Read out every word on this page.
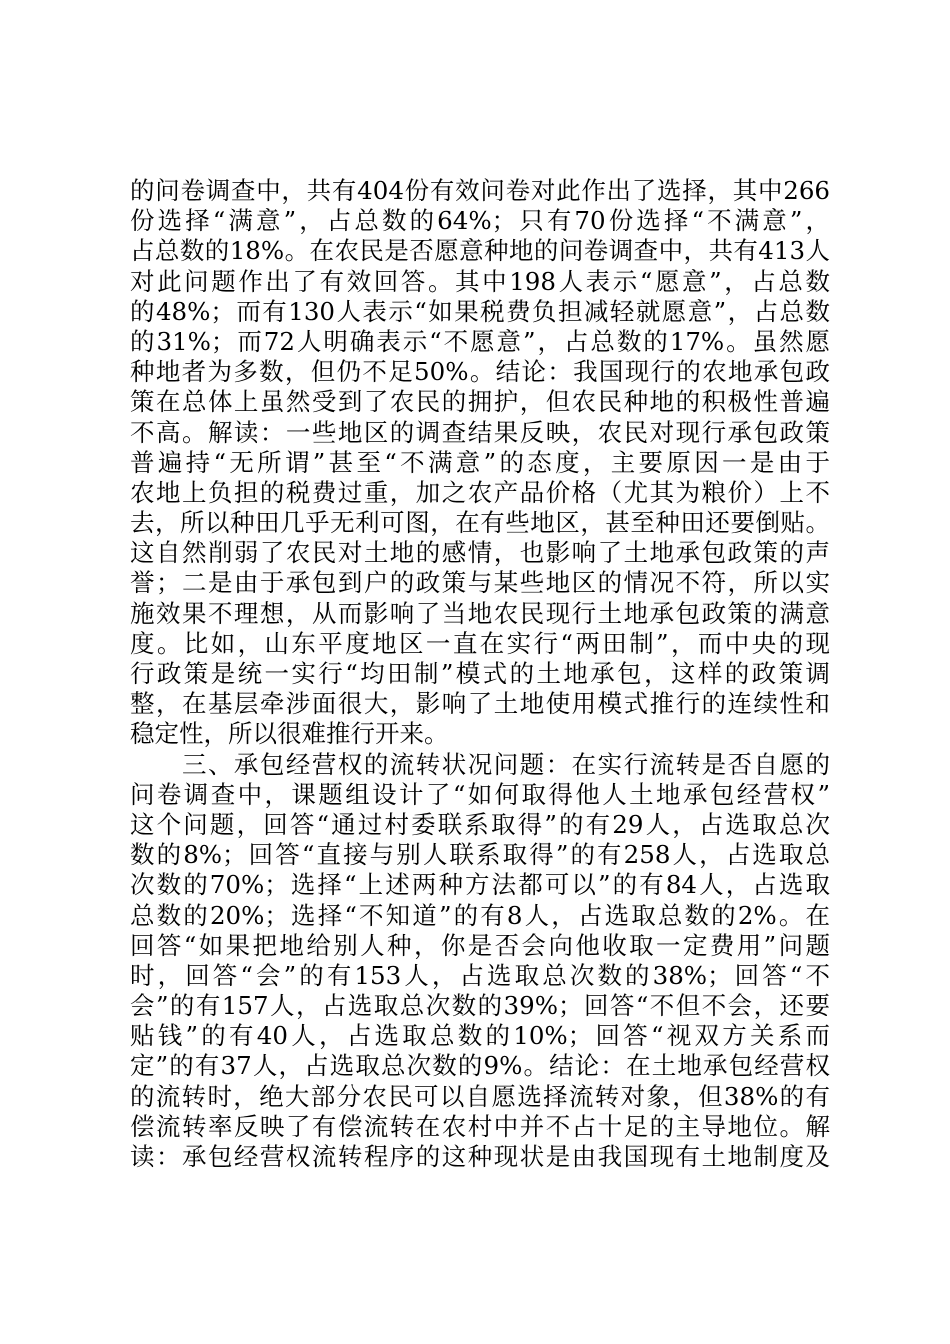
的问卷调查中，共有404份有效问卷对此作出了选择，其中266
份选择“满意”，占总数的64%；只有70份选择“不满意”，
占总数的18%。在农民是否愿意种地的问卷调查中，共有413人
对此问题作出了有效回答。其中198人表示“愿意”，占总数
的48%；而有130人表示“如果税费负担减轻就愿意”，占总数
的31%；而72人明确表示“不愿意”，占总数的17%。虽然愿
种地者为多数，但仍不足50%。结论：我国现行的农地承包政
策在总体上虽然受到了农民的拥护，但农民种地的积极性普遍
不高。解读：一些地区的调查结果反映，农民对现行承包政策
普遍持“无所谓”甚至“不满意”的态度，主要原因一是由于
农地上负担的税费过重，加之农产品价格（尤其为粮价）上不
去，所以种田几乎无利可图，在有些地区，甚至种田还要倒贴。
这自然削弱了农民对土地的感情，也影响了土地承包政策的声
誉；二是由于承包到户的政策与某些地区的情况不符，所以实
施效果不理想，从而影响了当地农民现行土地承包政策的满意
度。比如，山东平度地区一直在实行“两田制”，而中央的现
行政策是统一实行“均田制”模式的土地承包，这样的政策调
整，在基层牵涉面很大，影响了土地使用模式推行的连续性和
稳定性，所以很难推行开来。
　　三、承包经营权的流转状况问题：在实行流转是否自愿的
问卷调查中，课题组设计了“如何取得他人土地承包经营权”
这个问题，回答“通过村委联系取得”的有29人，占选取总次
数的8%；回答“直接与别人联系取得”的有258人，占选取总
次数的70%；选择“上述两种方法都可以”的有84人，占选取
总数的20%；选择“不知道”的有8人，占选取总数的2%。在
回答“如果把地给别人种，你是否会向他收取一定费用”问题
时，回答“会”的有153人，占选取总次数的38%；回答“不
会”的有157人，占选取总次数的39%；回答“不但不会，还要
贴钱”的有40人，占选取总数的10%；回答“视双方关系而
定”的有37人，占选取总次数的9%。结论：在土地承包经营权
的流转时，绝大部分农民可以自愿选择流转对象，但38%的有
偿流转率反映了有偿流转在农村中并不占十足的主导地位。解
读：承包经营权流转程序的这种现状是由我国现有土地制度及
